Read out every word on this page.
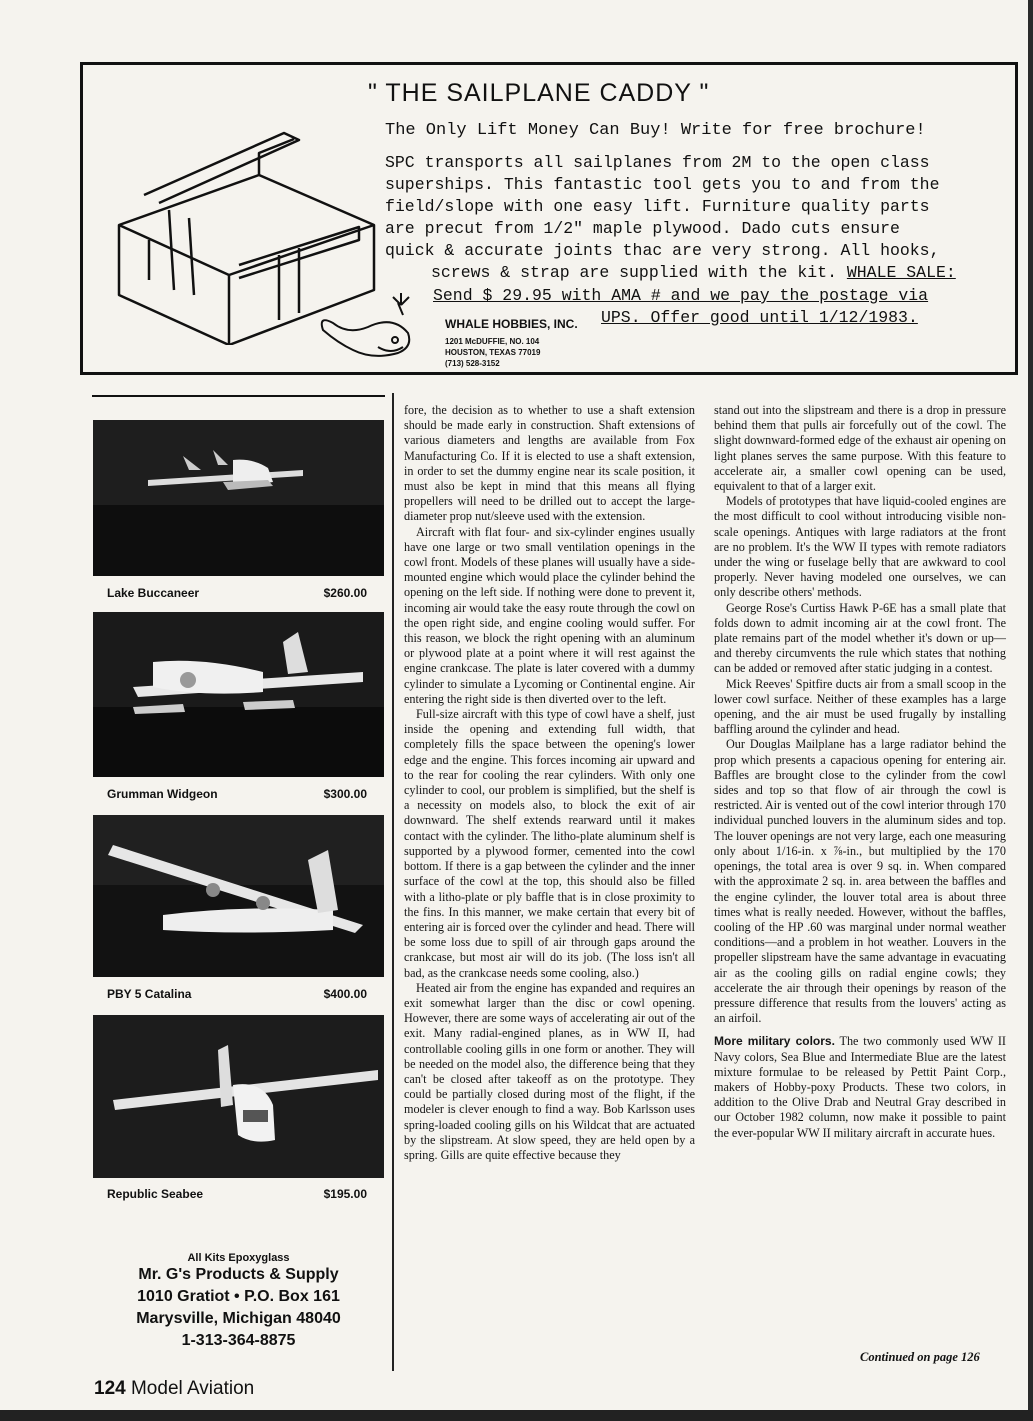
" THE SAILPLANE CADDY "
The Only Lift Money Can Buy! Write for free brochure!
SPC transports all sailplanes from 2M to the open class
superships. This fantastic tool gets you to and from the
field/slope with one easy lift. Furniture quality parts
are precut from 1/2" maple plywood. Dado cuts ensure
quick & accurate joints thac are very strong. All hooks,
screws & strap are supplied with the kit. WHALE SALE:
Send $ 29.95 with AMA # and we pay the postage via
UPS. Offer good until 1/12/1983.
WHALE HOBBIES, INC.
1201 McDUFFIE, NO. 104
HOUSTON, TEXAS 77019
(713) 528-3152
Lake Buccaneer	$260.00
Grumman Widgeon	$300.00
PBY 5 Catalina	$400.00
Republic Seabee	$195.00
All Kits Epoxyglass
Mr. G's Products & Supply
1010 Gratiot • P.O. Box 161
Marysville, Michigan 48040
1-313-364-8875

fore, the decision as to whether to use a shaft extension should be made early in construction. Shaft extensions of various diameters and lengths are available from Fox Manufacturing Co. If it is elected to use a shaft extension, in order to set the dummy engine near its scale position, it must also be kept in mind that this means all flying propellers will need to be drilled out to accept the large-diameter prop nut/sleeve used with the extension.

Aircraft with flat four- and six-cylinder engines usually have one large or two small ventilation openings in the cowl front. Models of these planes will usually have a side-mounted engine which would place the cylinder behind the opening on the left side. If nothing were done to prevent it, incoming air would take the easy route through the cowl on the open right side, and engine cooling would suffer. For this reason, we block the right opening with an aluminum or plywood plate at a point where it will rest against the engine crankcase. The plate is later covered with a dummy cylinder to simulate a Lycoming or Continental engine. Air entering the right side is then diverted over to the left.

Full-size aircraft with this type of cowl have a shelf, just inside the opening and extending full width, that completely fills the space between the opening's lower edge and the engine. This forces incoming air upward and to the rear for cooling the rear cylinders. With only one cylinder to cool, our problem is simplified, but the shelf is a necessity on models also, to block the exit of air downward. The shelf extends rearward until it makes contact with the cylinder. The litho-plate aluminum shelf is supported by a plywood former, cemented into the cowl bottom. If there is a gap between the cylinder and the inner surface of the cowl at the top, this should also be filled with a litho-plate or ply baffle that is in close proximity to the fins. In this manner, we make certain that every bit of entering air is forced over the cylinder and head. There will be some loss due to spill of air through gaps around the crankcase, but most air will do its job. (The loss isn't all bad, as the crankcase needs some cooling, also.)

Heated air from the engine has expanded and requires an exit somewhat larger than the disc or cowl opening. However, there are some ways of accelerating air out of the exit. Many radial-engined planes, as in WW II, had controllable cooling gills in one form or another. They will be needed on the model also, the difference being that they can't be closed after takeoff as on the prototype. They could be partially closed during most of the flight, if the modeler is clever enough to find a way. Bob Karlsson uses spring-loaded cooling gills on his Wildcat that are actuated by the slipstream. At slow speed, they are held open by a spring. Gills are quite effective because they

stand out into the slipstream and there is a drop in pressure behind them that pulls air forcefully out of the cowl. The slight downward-formed edge of the exhaust air opening on light planes serves the same purpose. With this feature to accelerate air, a smaller cowl opening can be used, equivalent to that of a larger exit.

Models of prototypes that have liquid-cooled engines are the most difficult to cool without introducing visible non-scale openings. Antiques with large radiators at the front are no problem. It's the WW II types with remote radiators under the wing or fuselage belly that are awkward to cool properly. Never having modeled one ourselves, we can only describe others' methods.

George Rose's Curtiss Hawk P-6E has a small plate that folds down to admit incoming air at the cowl front. The plate remains part of the model whether it's down or up—and thereby circumvents the rule which states that nothing can be added or removed after static judging in a contest.

Mick Reeves' Spitfire ducts air from a small scoop in the lower cowl surface. Neither of these examples has a large opening, and the air must be used frugally by installing baffling around the cylinder and head.

Our Douglas Mailplane has a large radiator behind the prop which presents a capacious opening for entering air. Baffles are brought close to the cylinder from the cowl sides and top so that flow of air through the cowl is restricted. Air is vented out of the cowl interior through 170 individual punched louvers in the aluminum sides and top. The louver openings are not very large, each one measuring only about 1/16-in. x ⅞-in., but multiplied by the 170 openings, the total area is over 9 sq. in. When compared with the approximate 2 sq. in. area between the baffles and the engine cylinder, the louver total area is about three times what is really needed. However, without the baffles, cooling of the HP .60 was marginal under normal weather conditions—and a problem in hot weather. Louvers in the propeller slipstream have the same advantage in evacuating air as the cooling gills on radial engine cowls; they accelerate the air through their openings by reason of the pressure difference that results from the louvers' acting as an airfoil.

More military colors. The two commonly used WW II Navy colors, Sea Blue and Intermediate Blue are the latest mixture formulae to be released by Pettit Paint Corp., makers of Hobby-poxy Products. These two colors, in addition to the Olive Drab and Neutral Gray described in our October 1982 column, now make it possible to paint the ever-popular WW II military aircraft in accurate hues.

Continued on page 126
124 Model Aviation
